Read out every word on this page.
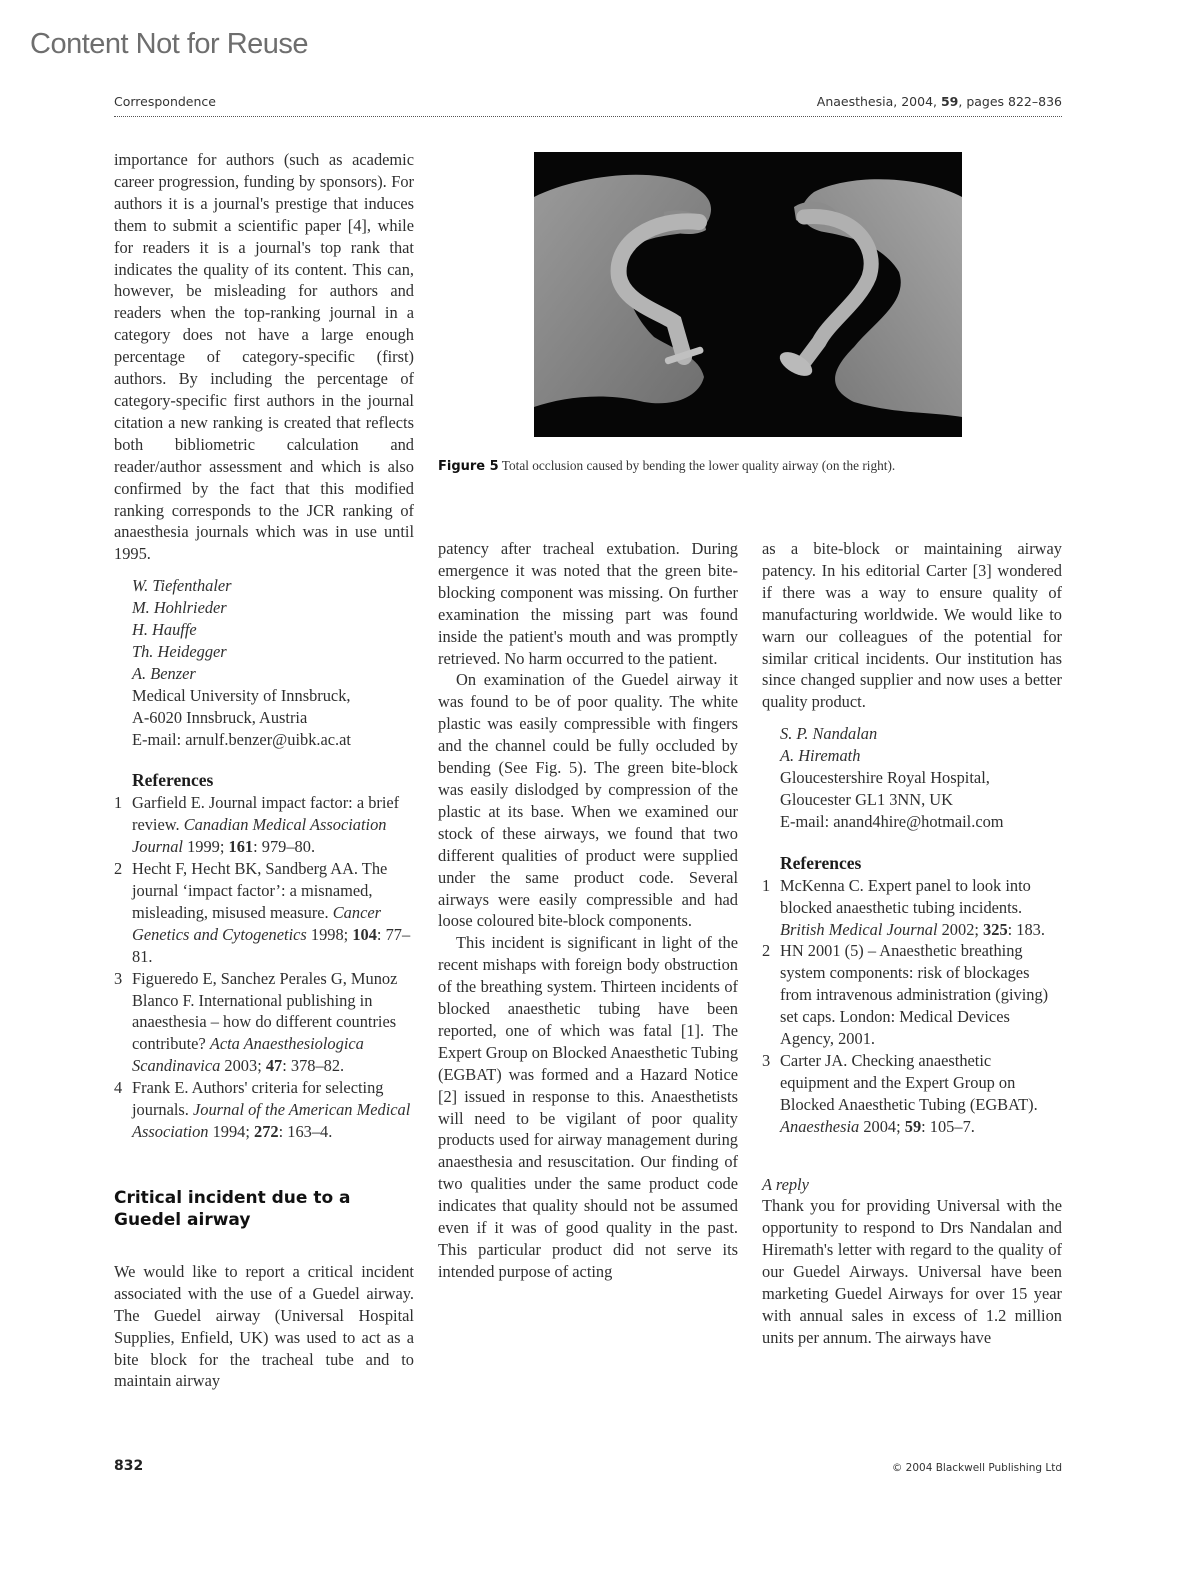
Content Not for Reuse
Correspondence	Anaesthesia, 2004, 59, pages 822–836

importance for authors (such as academic career progression, funding by sponsors). For authors it is a journal's prestige that induces them to submit a scientific paper [4], while for readers it is a journal's top rank that indicates the quality of its content. This can, however, be misleading for authors and readers when the top-ranking journal in a category does not have a large enough percentage of category-specific (first) authors. By including the percentage of category-specific first authors in the journal citation a new ranking is created that reflects both bibliometric calculation and reader/author assessment and which is also confirmed by the fact that this modified ranking corresponds to the JCR ranking of anaesthesia journals which was in use until 1995.

W. Tiefenthaler
M. Hohlrieder
H. Hauffe
Th. Heidegger
A. Benzer
Medical University of Innsbruck,
A-6020 Innsbruck, Austria
E-mail: arnulf.benzer@uibk.ac.at
References
1 Garfield E. Journal impact factor: a brief review. Canadian Medical Association Journal 1999; 161: 979–80.
2 Hecht F, Hecht BK, Sandberg AA. The journal ‘impact factor’: a misnamed, misleading, misused measure. Cancer Genetics and Cytogenetics 1998; 104: 77–81.
3 Figueredo E, Sanchez Perales G, Munoz Blanco F. International publishing in anaesthesia – how do different countries contribute? Acta Anaesthesiologica Scandinavica 2003; 47: 378–82.
4 Frank E. Authors' criteria for selecting journals. Journal of the American Medical Association 1994; 272: 163–4.
Critical incident due to a Guedel airway

We would like to report a critical incident associated with the use of a Guedel airway. The Guedel airway (Universal Hospital Supplies, Enfield, UK) was used to act as a bite block for the tracheal tube and to maintain airway

Figure 5 Total occlusion caused by bending the lower quality airway (on the right).

patency after tracheal extubation. During emergence it was noted that the green bite-blocking component was missing. On further examination the missing part was found inside the patient's mouth and was promptly retrieved. No harm occurred to the patient.

On examination of the Guedel airway it was found to be of poor quality. The white plastic was easily compressible with fingers and the channel could be fully occluded by bending (See Fig. 5). The green bite-block was easily dislodged by compression of the plastic at its base. When we examined our stock of these airways, we found that two different qualities of product were supplied under the same product code. Several airways were easily compressible and had loose coloured bite-block components.

This incident is significant in light of the recent mishaps with foreign body obstruction of the breathing system. Thirteen incidents of blocked anaesthetic tubing have been reported, one of which was fatal [1]. The Expert Group on Blocked Anaesthetic Tubing (EGBAT) was formed and a Hazard Notice [2] issued in response to this. Anaesthetists will need to be vigilant of poor quality products used for airway management during anaesthesia and resuscitation. Our finding of two qualities under the same product code indicates that quality should not be assumed even if it was of good quality in the past. This particular product did not serve its intended purpose of acting

as a bite-block or maintaining airway patency. In his editorial Carter [3] wondered if there was a way to ensure quality of manufacturing worldwide. We would like to warn our colleagues of the potential for similar critical incidents. Our institution has since changed supplier and now uses a better quality product.

S. P. Nandalan
A. Hiremath
Gloucestershire Royal Hospital,
Gloucester GL1 3NN, UK
E-mail: anand4hire@hotmail.com
References
1 McKenna C. Expert panel to look into blocked anaesthetic tubing incidents. British Medical Journal 2002; 325: 183.
2 HN 2001 (5) – Anaesthetic breathing system components: risk of blockages from intravenous administration (giving) set caps. London: Medical Devices Agency, 2001.
3 Carter JA. Checking anaesthetic equipment and the Expert Group on Blocked Anaesthetic Tubing (EGBAT). Anaesthesia 2004; 59: 105–7.
A reply

Thank you for providing Universal with the opportunity to respond to Drs Nandalan and Hiremath's letter with regard to the quality of our Guedel Airways. Universal have been marketing Guedel Airways for over 15 year with annual sales in excess of 1.2 million units per annum. The airways have

832	© 2004 Blackwell Publishing Ltd
